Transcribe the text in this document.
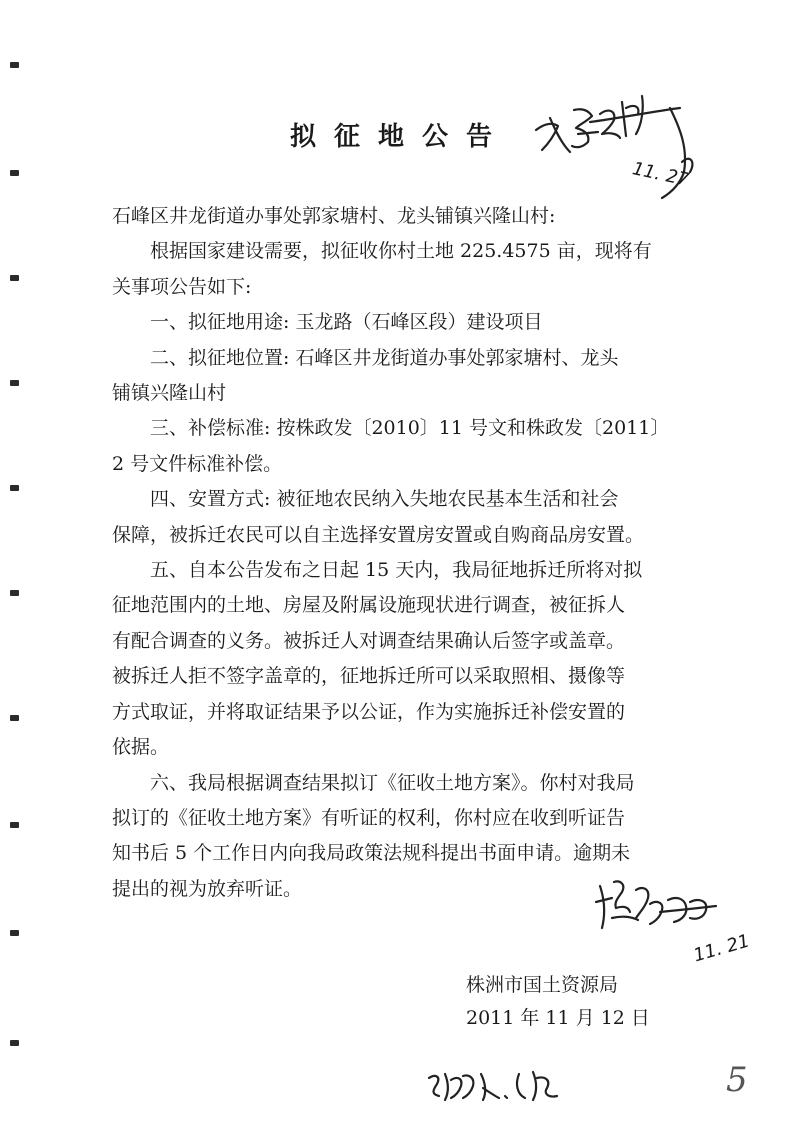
拟征地公告
11. 27

石峰区井龙街道办事处郭家塘村、龙头铺镇兴隆山村:

根据国家建设需要，拟征收你村土地 225.4575 亩，现将有

关事项公告如下:

一、拟征地用途: 玉龙路（石峰区段）建设项目

二、拟征地位置: 石峰区井龙街道办事处郭家塘村、龙头

铺镇兴隆山村

三、补偿标准: 按株政发〔2010〕11 号文和株政发〔2011〕

2 号文件标准补偿。

四、安置方式: 被征地农民纳入失地农民基本生活和社会

保障，被拆迁农民可以自主选择安置房安置或自购商品房安置。

五、自本公告发布之日起 15 天内，我局征地拆迁所将对拟

征地范围内的土地、房屋及附属设施现状进行调查，被征拆人

有配合调查的义务。被拆迁人对调查结果确认后签字或盖章。

被拆迁人拒不签字盖章的，征地拆迁所可以采取照相、摄像等

方式取证，并将取证结果予以公证，作为实施拆迁补偿安置的

依据。

六、我局根据调查结果拟订《征收土地方案》。你村对我局

拟订的《征收土地方案》有听证的权利，你村应在收到听证告

知书后 5 个工作日内向我局政策法规科提出书面申请。逾期未

提出的视为放弃听证。

11. 21
株洲市国土资源局
2011 年 11 月 12 日
5
